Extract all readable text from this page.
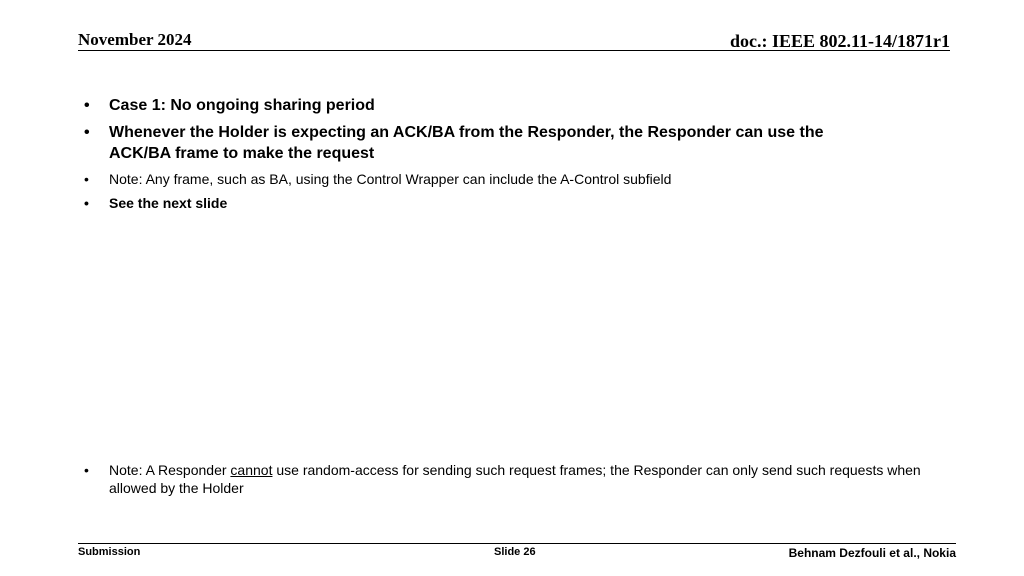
November 2024	doc.: IEEE 802.11-14/1871r1
• Case 1: No ongoing sharing period
• Whenever the Holder is expecting an ACK/BA from the Responder, the Responder can use the ACK/BA frame to make the request
• Note: Any frame, such as BA, using the Control Wrapper can include the A-Control subfield
• See the next slide
• Note: A Responder cannot use random-access for sending such request frames; the Responder can only send such requests when allowed by the Holder
Submission	Slide 26	Behnam Dezfouli et al., Nokia
